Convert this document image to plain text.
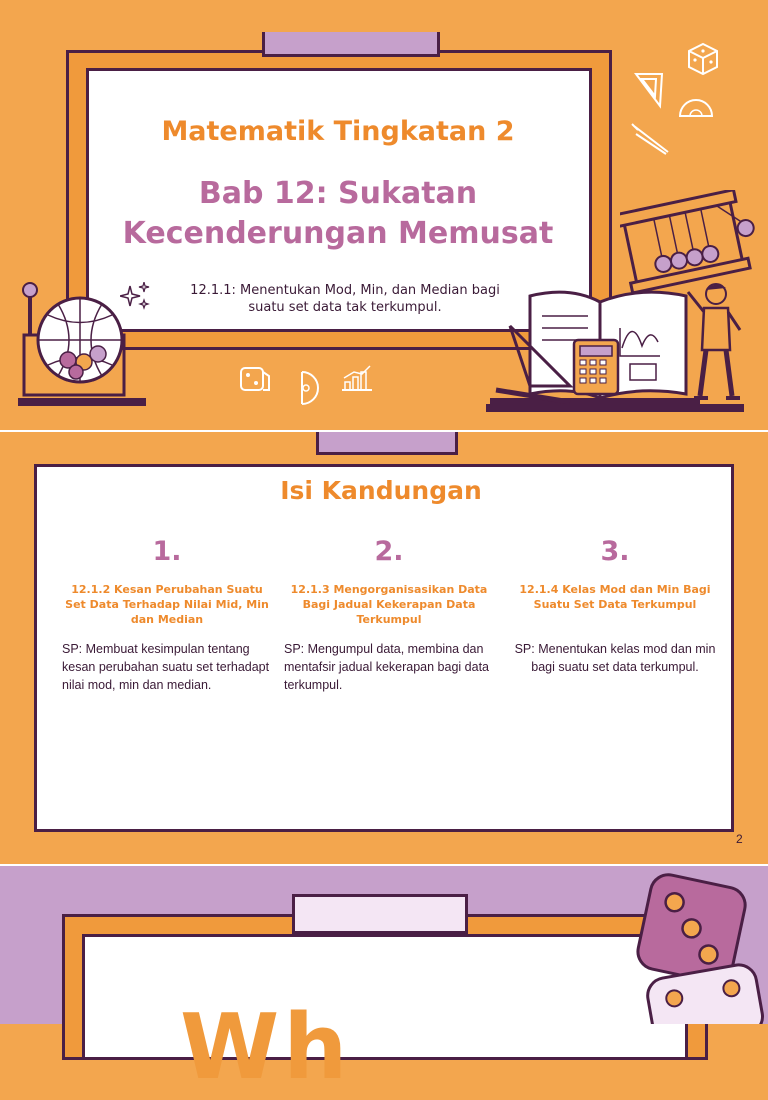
Matematik Tingkatan 2
Bab 12: Sukatan
Kecenderungan Memusat
12.1.1: Menentukan Mod, Min, dan Median bagi
suatu set data tak terkumpul.
Isi Kandungan
1.
12.1.2 Kesan Perubahan Suatu Set Data Terhadap Nilai Mid, Min dan Median
SP: Membuat kesimpulan tentang kesan perubahan suatu set terhadapt nilai mod, min dan median.
2.
12.1.3 Mengorganisasikan Data Bagi Jadual Kekerapan Data Terkumpul
SP: Mengumpul data, membina dan mentafsir jadual kekerapan bagi data terkumpul.
3.
12.1.4 Kelas Mod dan Min Bagi Suatu Set Data Terkumpul
SP: Menentukan kelas mod dan min bagi suatu set data terkumpul.
2
Wh
